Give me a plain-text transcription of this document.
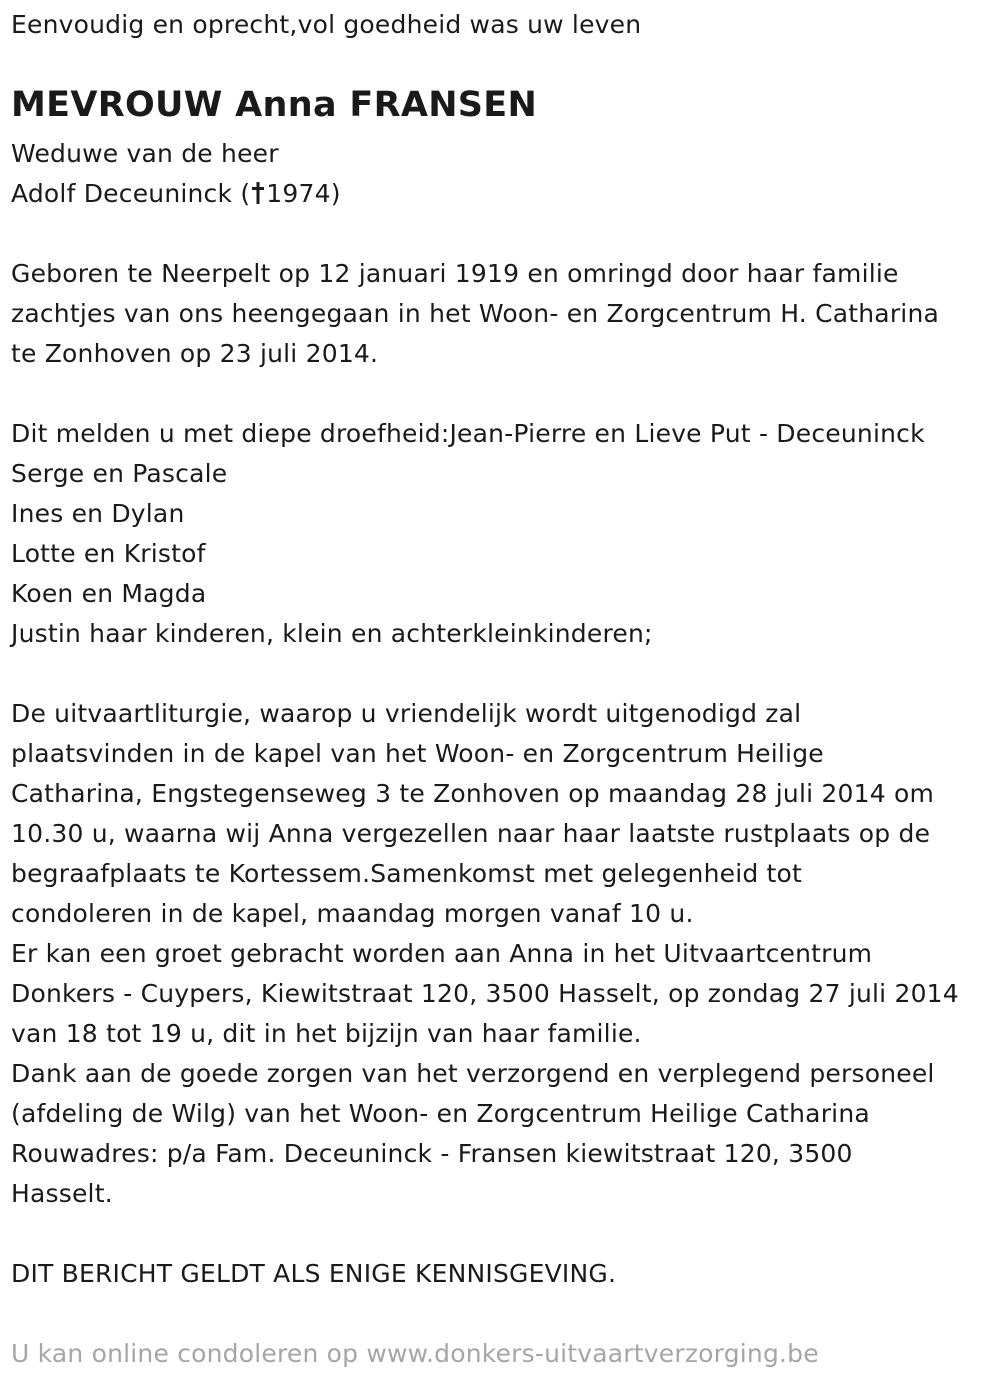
Eenvoudig en oprecht,vol goedheid was uw leven

MEVROUW Anna FRANSEN

Weduwe van de heer

Adolf Deceuninck ( 1974)

Geboren te Neerpelt op 12 januari 1919 en omringd door haar familie

zachtjes van ons heengegaan in het Woon- en Zorgcentrum H. Catharina

te Zonhoven op 23 juli 2014.

Dit melden u met diepe droefheid:Jean-Pierre en Lieve Put - Deceuninck

Serge en Pascale

Ines en Dylan

Lotte en Kristof

Koen en Magda

Justin haar kinderen, klein en achterkleinkinderen;

De uitvaartliturgie, waarop u vriendelijk wordt uitgenodigd zal

plaatsvinden in de kapel van het Woon- en Zorgcentrum Heilige

Catharina, Engstegenseweg 3 te Zonhoven op maandag 28 juli 2014 om

10.30 u, waarna wij Anna vergezellen naar haar laatste rustplaats op de

begraafplaats te Kortessem.Samenkomst met gelegenheid tot

condoleren in de kapel, maandag morgen vanaf 10 u.

Er kan een groet gebracht worden aan Anna in het Uitvaartcentrum

Donkers - Cuypers, Kiewitstraat 120, 3500 Hasselt, op zondag 27 juli 2014

van 18 tot 19 u, dit in het bijzijn van haar familie.

Dank aan de goede zorgen van het verzorgend en verplegend personeel

(afdeling de Wilg) van het Woon- en Zorgcentrum Heilige Catharina

Rouwadres: p/a Fam. Deceuninck - Fransen kiewitstraat 120, 3500

Hasselt.

DIT BERICHT GELDT ALS ENIGE KENNISGEVING.

U kan online condoleren op www.donkers-uitvaartverzorging.be
